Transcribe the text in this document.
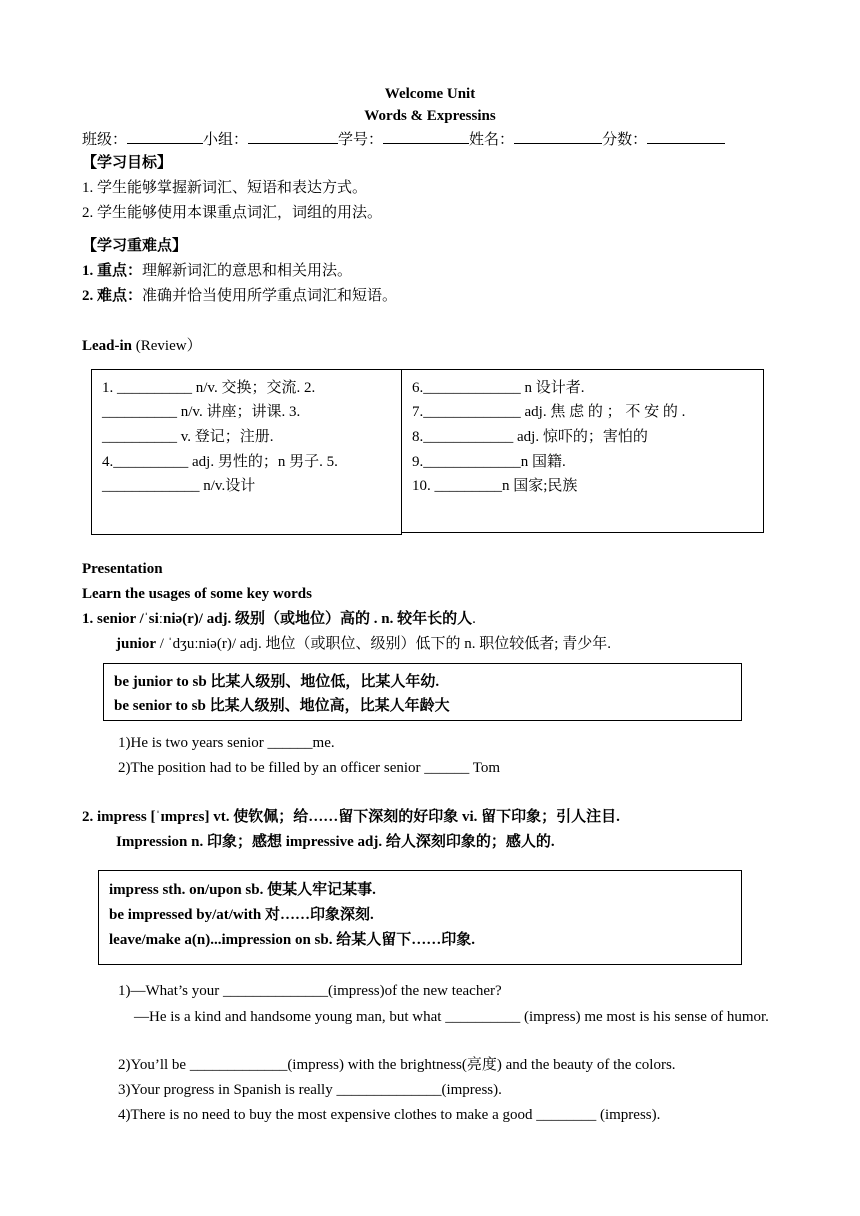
Welcome Unit
Words & Expressins
班级：	小组：	学号：	姓名：	分数：
【学习目标】
1. 学生能够掌握新词汇、短语和表达方式。
2. 学生能够使用本课重点词汇，词组的用法。
【学习重难点】
1. 重点：理解新词汇的意思和相关用法。
2. 难点：准确并恰当使用所学重点词汇和短语。
Lead-in (Review）
1. __________ n/v. 交换；交流. 2.
__________ n/v. 讲座；讲课. 3.
__________ v. 登记；注册.
4.__________ adj. 男性的；n 男子. 5.
_____________ n/v.设计
6._____________ n 设计者.
7._____________ adj. 焦 虑 的 ； 不 安 的 .
8.____________ adj. 惊吓的；害怕的
9._____________n 国籍.
10. _________n 国家;民族
Presentation
Learn the usages of some key words
1. senior /ˈsiːniə(r)/ adj. 级别（或地位）高的 . n. 较年长的人.
junior / ˈdʒuːniə(r)/ adj. 地位（或职位、级别）低下的 n. 职位较低者; 青少年.
be junior to sb 比某人级别、地位低，比某人年幼.
be senior to sb 比某人级别、地位高，比某人年龄大
1)He is two years senior ______me.
2)The position had to be filled by an officer senior ______ Tom
2. impress [ˈɪmprɛs] vt. 使钦佩；给……留下深刻的好印象 vi. 留下印象；引人注目.
Impression n. 印象；感想 impressive adj. 给人深刻印象的；感人的.
impress sth. on/upon sb. 使某人牢记某事.
be impressed by/at/with 对……印象深刻.
leave/make a(n)...impression on sb. 给某人留下……印象.
1)—What’s your ______________(impress)of the new teacher?
—He is a kind and handsome young man, but what __________ (impress) me most is his sense of humor.
2)You’ll be _____________(impress) with the brightness(亮度) and the beauty of the colors.
3)Your progress in Spanish is really ______________(impress).
4)There is no need to buy the most expensive clothes to make a good ________ (impress).
